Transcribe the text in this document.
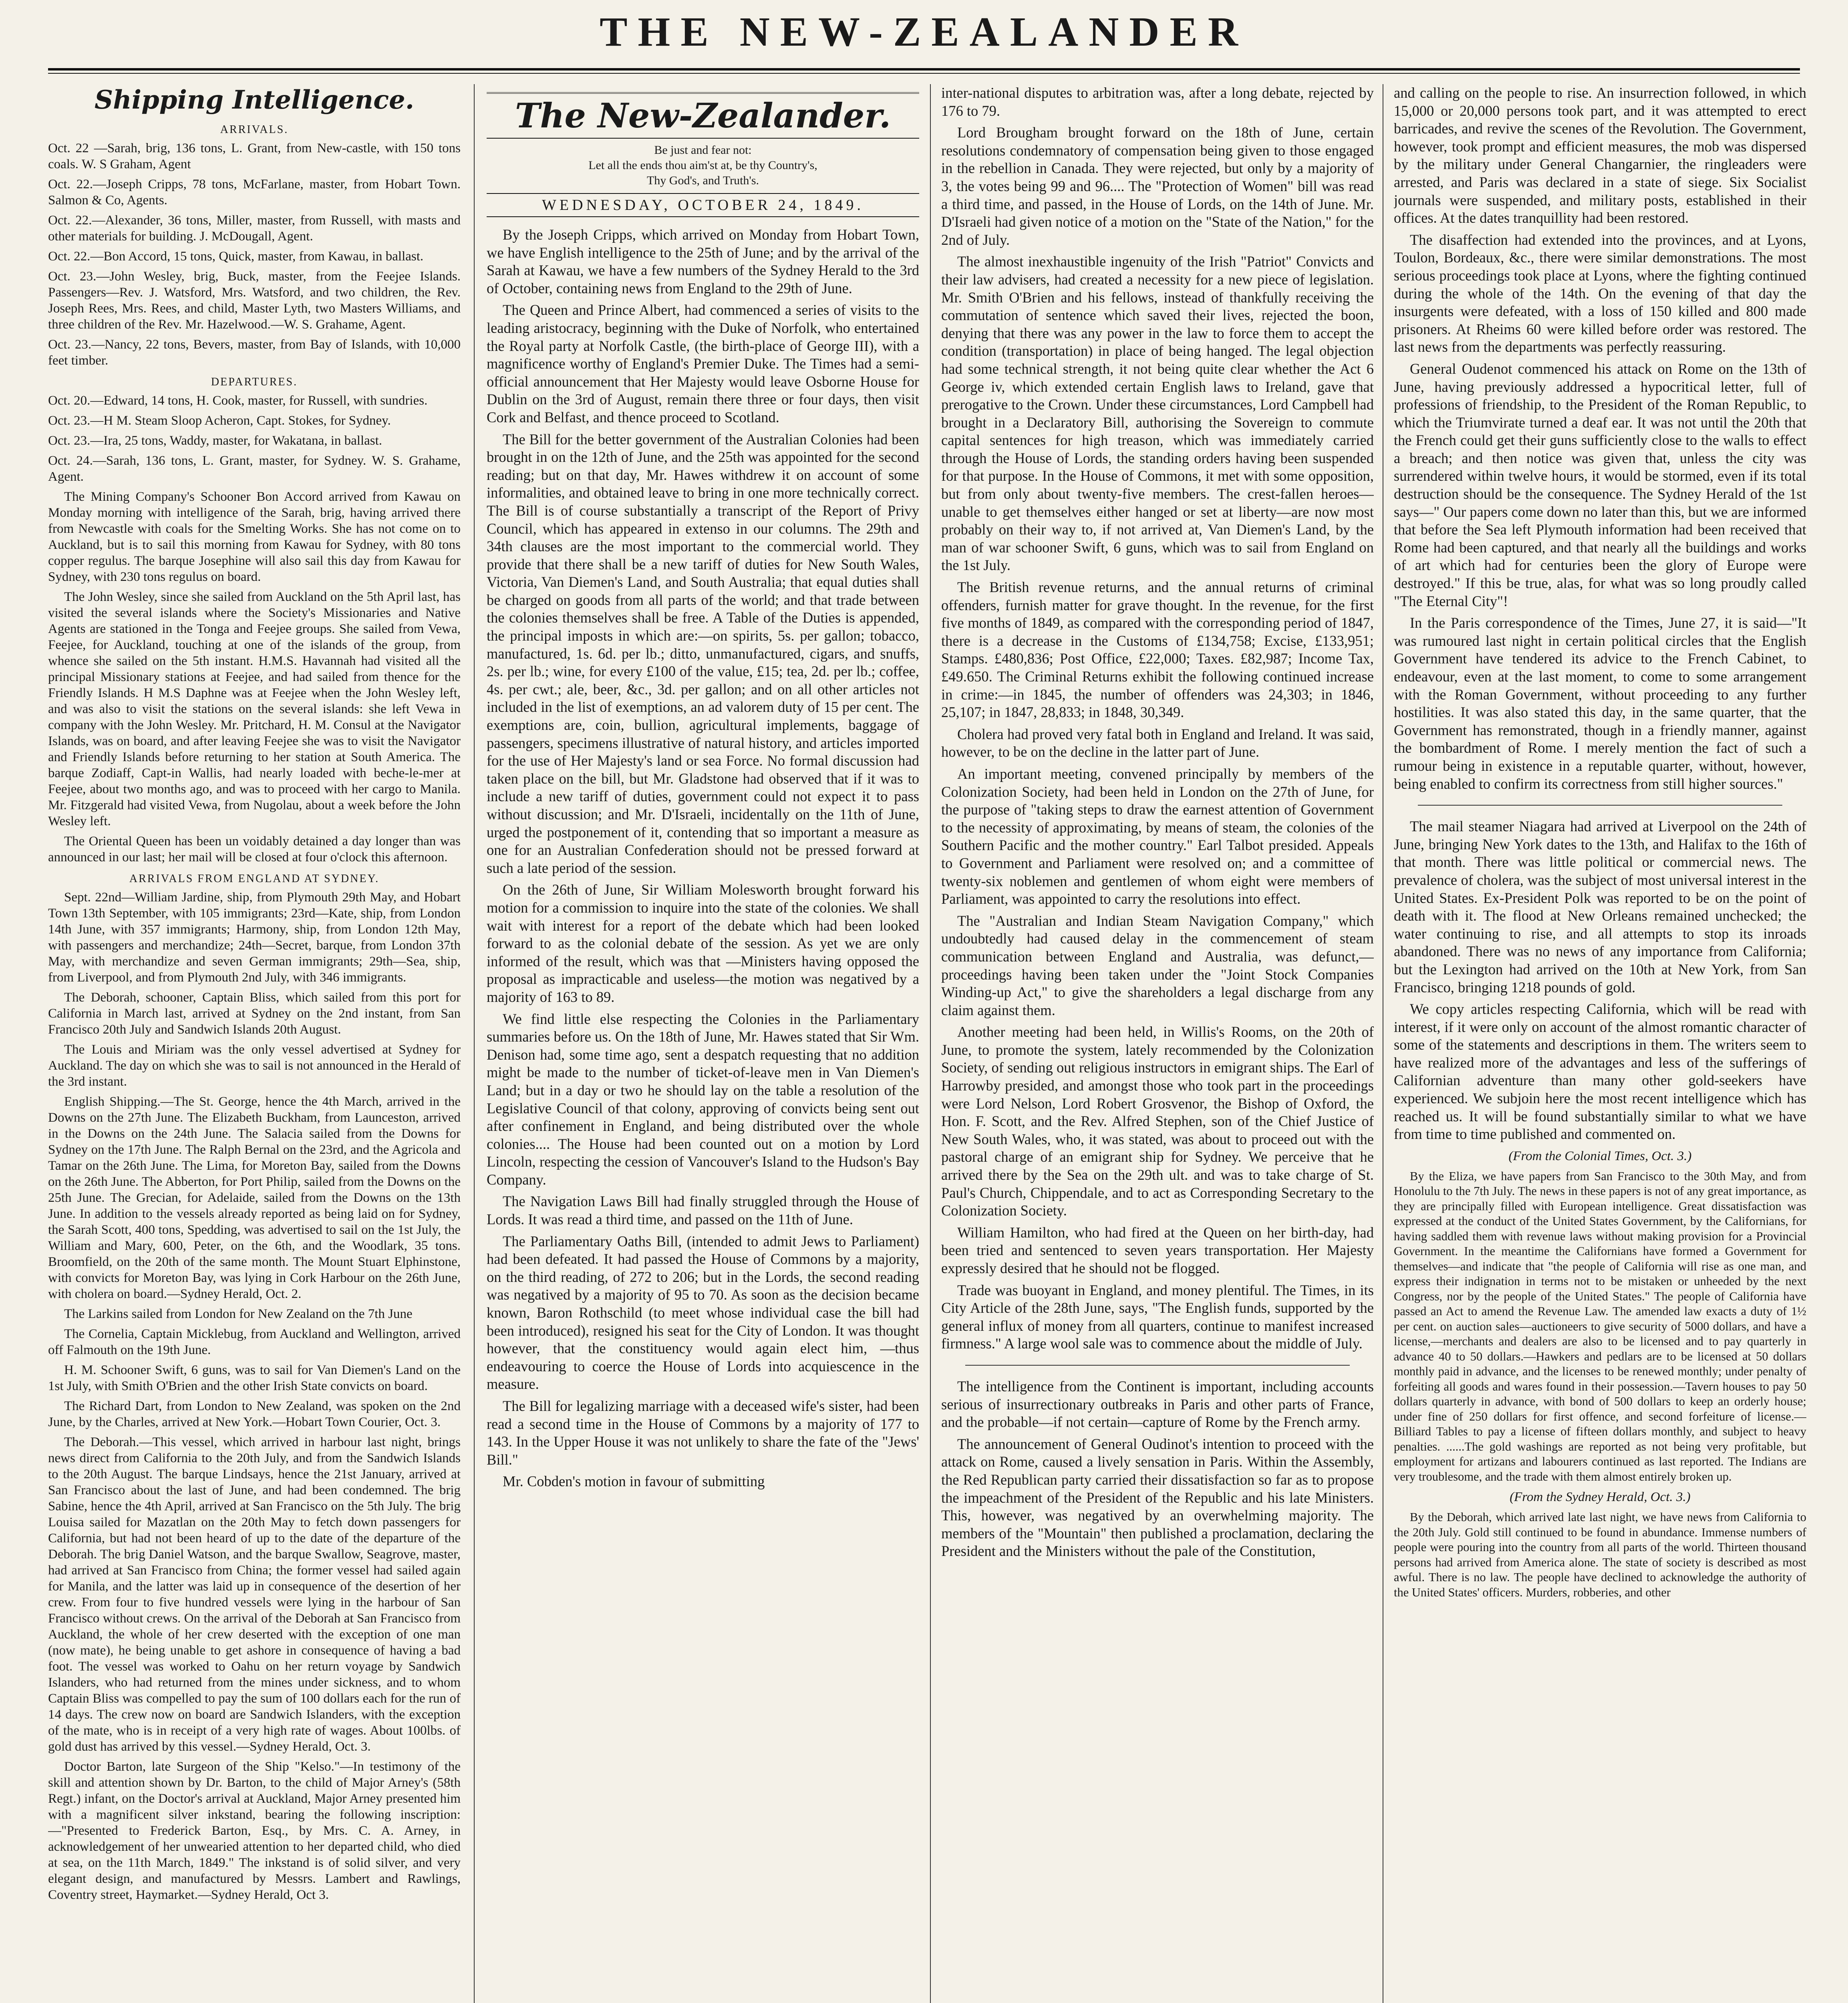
THE NEW-ZEALANDER
Shipping Intelligence.
ARRIVALS.

Oct. 22 —Sarah, brig, 136 tons, L. Grant, from New-castle, with 150 tons coals. W. S Graham, Agent

Oct. 22.—Joseph Cripps, 78 tons, McFarlane, master, from Hobart Town. Salmon & Co, Agents.

Oct. 22.—Alexander, 36 tons, Miller, master, from Russell, with masts and other materials for building. J. McDougall, Agent.

Oct. 22.—Bon Accord, 15 tons, Quick, master, from Kawau, in ballast.

Oct. 23.—John Wesley, brig, Buck, master, from the Feejee Islands. Passengers—Rev. J. Watsford, Mrs. Watsford, and two children, the Rev. Joseph Rees, Mrs. Rees, and child, Master Lyth, two Masters Williams, and three children of the Rev. Mr. Hazelwood.—W. S. Grahame, Agent.

Oct. 23.—Nancy, 22 tons, Bevers, master, from Bay of Islands, with 10,000 feet timber.

DEPARTURES.

Oct. 20.—Edward, 14 tons, H. Cook, master, for Russell, with sundries.

Oct. 23.—H M. Steam Sloop Acheron, Capt. Stokes, for Sydney.

Oct. 23.—Ira, 25 tons, Waddy, master, for Wakatana, in ballast.

Oct. 24.—Sarah, 136 tons, L. Grant, master, for Sydney. W. S. Grahame, Agent.

The Mining Company's Schooner Bon Accord arrived from Kawau on Monday morning with intelligence of the Sarah, brig, having arrived there from Newcastle with coals for the Smelting Works. She has not come on to Auckland, but is to sail this morning from Kawau for Sydney, with 80 tons copper regulus. The barque Josephine will also sail this day from Kawau for Sydney, with 230 tons regulus on board.

The John Wesley, since she sailed from Auckland on the 5th April last, has visited the several islands where the Society's Missionaries and Native Agents are stationed in the Tonga and Feejee groups. She sailed from Vewa, Feejee, for Auckland, touching at one of the islands of the group, from whence she sailed on the 5th instant. H.M.S. Havannah had visited all the principal Missionary stations at Feejee, and had sailed from thence for the Friendly Islands. H M.S Daphne was at Feejee when the John Wesley left, and was also to visit the stations on the several islands: she left Vewa in company with the John Wesley. Mr. Pritchard, H. M. Consul at the Navigator Islands, was on board, and after leaving Feejee she was to visit the Navigator and Friendly Islands before returning to her station at South America. The barque Zodiaff, Capt-in Wallis, had nearly loaded with beche-le-mer at Feejee, about two months ago, and was to proceed with her cargo to Manila. Mr. Fitzgerald had visited Vewa, from Nugolau, about a week before the John Wesley left.

The Oriental Queen has been un voidably detained a day longer than was announced in our last; her mail will be closed at four o'clock this afternoon.

ARRIVALS FROM ENGLAND AT SYDNEY.

Sept. 22nd—William Jardine, ship, from Plymouth 29th May, and Hobart Town 13th September, with 105 immigrants; 23rd—Kate, ship, from London 14th June, with 357 immigrants; Harmony, ship, from London 12th May, with passengers and merchandize; 24th—Secret, barque, from London 37th May, with merchandize and seven German immigrants; 29th—Sea, ship, from Liverpool, and from Plymouth 2nd July, with 346 immigrants.

The Deborah, schooner, Captain Bliss, which sailed from this port for California in March last, arrived at Sydney on the 2nd instant, from San Francisco 20th July and Sandwich Islands 20th August.

The Louis and Miriam was the only vessel advertised at Sydney for Auckland. The day on which she was to sail is not announced in the Herald of the 3rd instant.

English Shipping.—The St. George, hence the 4th March, arrived in the Downs on the 27th June. The Elizabeth Buckham, from Launceston, arrived in the Downs on the 24th June. The Salacia sailed from the Downs for Sydney on the 17th June. The Ralph Bernal on the 23rd, and the Agricola and Tamar on the 26th June. The Lima, for Moreton Bay, sailed from the Downs on the 26th June. The Abberton, for Port Philip, sailed from the Downs on the 25th June. The Grecian, for Adelaide, sailed from the Downs on the 13th June. In addition to the vessels already reported as being laid on for Sydney, the Sarah Scott, 400 tons, Spedding, was advertised to sail on the 1st July, the William and Mary, 600, Peter, on the 6th, and the Woodlark, 35 tons. Broomfield, on the 20th of the same month. The Mount Stuart Elphinstone, with convicts for Moreton Bay, was lying in Cork Harbour on the 26th June, with cholera on board.—Sydney Herald, Oct. 2.

The Larkins sailed from London for New Zealand on the 7th June

The Cornelia, Captain Micklebug, from Auckland and Wellington, arrived off Falmouth on the 19th June.

H. M. Schooner Swift, 6 guns, was to sail for Van Diemen's Land on the 1st July, with Smith O'Brien and the other Irish State convicts on board.

The Richard Dart, from London to New Zealand, was spoken on the 2nd June, by the Charles, arrived at New York.—Hobart Town Courier, Oct. 3.

The Deborah.—This vessel, which arrived in harbour last night, brings news direct from California to the 20th July, and from the Sandwich Islands to the 20th August. The barque Lindsays, hence the 21st January, arrived at San Francisco about the last of June, and had been condemned. The brig Sabine, hence the 4th April, arrived at San Francisco on the 5th July. The brig Louisa sailed for Mazatlan on the 20th May to fetch down passengers for California, but had not been heard of up to the date of the departure of the Deborah. The brig Daniel Watson, and the barque Swallow, Seagrove, master, had arrived at San Francisco from China; the former vessel had sailed again for Manila, and the latter was laid up in consequence of the desertion of her crew. From four to five hundred vessels were lying in the harbour of San Francisco without crews. On the arrival of the Deborah at San Francisco from Auckland, the whole of her crew deserted with the exception of one man (now mate), he being unable to get ashore in consequence of having a bad foot. The vessel was worked to Oahu on her return voyage by Sandwich Islanders, who had returned from the mines under sickness, and to whom Captain Bliss was compelled to pay the sum of 100 dollars each for the run of 14 days. The crew now on board are Sandwich Islanders, with the exception of the mate, who is in receipt of a very high rate of wages. About 100lbs. of gold dust has arrived by this vessel.—Sydney Herald, Oct. 3.

Doctor Barton, late Surgeon of the Ship "Kelso."—In testimony of the skill and attention shown by Dr. Barton, to the child of Major Arney's (58th Regt.) infant, on the Doctor's arrival at Auckland, Major Arney presented him with a magnificent silver inkstand, bearing the following inscription:—"Presented to Frederick Barton, Esq., by Mrs. C. A. Arney, in acknowledgement of her unwearied attention to her departed child, who died at sea, on the 11th March, 1849." The inkstand is of solid silver, and very elegant design, and manufactured by Messrs. Lambert and Rawlings, Coventry street, Haymarket.—Sydney Herald, Oct 3.

The New-Zealander.
Be just and fear not:
Let all the ends thou aim'st at, be thy Country's,
Thy God's, and Truth's.
WEDNESDAY, OCTOBER 24, 1849.

By the Joseph Cripps, which arrived on Monday from Hobart Town, we have English intelligence to the 25th of June; and by the arrival of the Sarah at Kawau, we have a few numbers of the Sydney Herald to the 3rd of October, containing news from England to the 29th of June.

The Queen and Prince Albert, had commenced a series of visits to the leading aristocracy, beginning with the Duke of Norfolk, who entertained the Royal party at Norfolk Castle, (the birth-place of George III), with a magnificence worthy of England's Premier Duke. The Times had a semi-official announcement that Her Majesty would leave Osborne House for Dublin on the 3rd of August, remain there three or four days, then visit Cork and Belfast, and thence proceed to Scotland.

The Bill for the better government of the Australian Colonies had been brought in on the 12th of June, and the 25th was appointed for the second reading; but on that day, Mr. Hawes withdrew it on account of some informalities, and obtained leave to bring in one more technically correct. The Bill is of course substantially a transcript of the Report of Privy Council, which has appeared in extenso in our columns. The 29th and 34th clauses are the most important to the commercial world. They provide that there shall be a new tariff of duties for New South Wales, Victoria, Van Diemen's Land, and South Australia; that equal duties shall be charged on goods from all parts of the world; and that trade between the colonies themselves shall be free. A Table of the Duties is appended, the principal imposts in which are:—on spirits, 5s. per gallon; tobacco, manufactured, 1s. 6d. per lb.; ditto, unmanufactured, cigars, and snuffs, 2s. per lb.; wine, for every £100 of the value, £15; tea, 2d. per lb.; coffee, 4s. per cwt.; ale, beer, &c., 3d. per gallon; and on all other articles not included in the list of exemptions, an ad valorem duty of 15 per cent. The exemptions are, coin, bullion, agricultural implements, baggage of passengers, specimens illustrative of natural history, and articles imported for the use of Her Majesty's land or sea Force. No formal discussion had taken place on the bill, but Mr. Gladstone had observed that if it was to include a new tariff of duties, government could not expect it to pass without discussion; and Mr. D'Israeli, incidentally on the 11th of June, urged the postponement of it, contending that so important a measure as one for an Australian Confederation should not be pressed forward at such a late period of the session.

On the 26th of June, Sir William Molesworth brought forward his motion for a commission to inquire into the state of the colonies. We shall wait with interest for a report of the debate which had been looked forward to as the colonial debate of the session. As yet we are only informed of the result, which was that —Ministers having opposed the proposal as impracticable and useless—the motion was negatived by a majority of 163 to 89.

We find little else respecting the Colonies in the Parliamentary summaries before us. On the 18th of June, Mr. Hawes stated that Sir Wm. Denison had, some time ago, sent a despatch requesting that no addition might be made to the number of ticket-of-leave men in Van Diemen's Land; but in a day or two he should lay on the table a resolution of the Legislative Council of that colony, approving of convicts being sent out after confinement in England, and being distributed over the whole colonies.... The House had been counted out on a motion by Lord Lincoln, respecting the cession of Vancouver's Island to the Hudson's Bay Company.

The Navigation Laws Bill had finally struggled through the House of Lords. It was read a third time, and passed on the 11th of June.

The Parliamentary Oaths Bill, (intended to admit Jews to Parliament) had been defeated. It had passed the House of Commons by a majority, on the third reading, of 272 to 206; but in the Lords, the second reading was negatived by a majority of 95 to 70. As soon as the decision became known, Baron Rothschild (to meet whose individual case the bill had been introduced), resigned his seat for the City of London. It was thought however, that the constituency would again elect him, —thus endeavouring to coerce the House of Lords into acquiescence in the measure.

The Bill for legalizing marriage with a deceased wife's sister, had been read a second time in the House of Commons by a majority of 177 to 143. In the Upper House it was not unlikely to share the fate of the "Jews' Bill."

Mr. Cobden's motion in favour of submitting

inter-national disputes to arbitration was, after a long debate, rejected by 176 to 79.

Lord Brougham brought forward on the 18th of June, certain resolutions condemnatory of compensation being given to those engaged in the rebellion in Canada. They were rejected, but only by a majority of 3, the votes being 99 and 96.... The "Protection of Women" bill was read a third time, and passed, in the House of Lords, on the 14th of June. Mr. D'Israeli had given notice of a motion on the "State of the Nation," for the 2nd of July.

The almost inexhaustible ingenuity of the Irish "Patriot" Convicts and their law advisers, had created a necessity for a new piece of legislation. Mr. Smith O'Brien and his fellows, instead of thankfully receiving the commutation of sentence which saved their lives, rejected the boon, denying that there was any power in the law to force them to accept the condition (transportation) in place of being hanged. The legal objection had some technical strength, it not being quite clear whether the Act 6 George iv, which extended certain English laws to Ireland, gave that prerogative to the Crown. Under these circumstances, Lord Campbell had brought in a Declaratory Bill, authorising the Sovereign to commute capital sentences for high treason, which was immediately carried through the House of Lords, the standing orders having been suspended for that purpose. In the House of Commons, it met with some opposition, but from only about twenty-five members. The crest-fallen heroes—unable to get themselves either hanged or set at liberty—are now most probably on their way to, if not arrived at, Van Diemen's Land, by the man of war schooner Swift, 6 guns, which was to sail from England on the 1st July.

The British revenue returns, and the annual returns of criminal offenders, furnish matter for grave thought. In the revenue, for the first five months of 1849, as compared with the corresponding period of 1847, there is a decrease in the Customs of £134,758; Excise, £133,951; Stamps. £480,836; Post Office, £22,000; Taxes. £82,987; Income Tax, £49.650. The Criminal Returns exhibit the following continued increase in crime:—in 1845, the number of offenders was 24,303; in 1846, 25,107; in 1847, 28,833; in 1848, 30,349.

Cholera had proved very fatal both in England and Ireland. It was said, however, to be on the decline in the latter part of June.

An important meeting, convened principally by members of the Colonization Society, had been held in London on the 27th of June, for the purpose of "taking steps to draw the earnest attention of Government to the necessity of approximating, by means of steam, the colonies of the Southern Pacific and the mother country." Earl Talbot presided. Appeals to Government and Parliament were resolved on; and a committee of twenty-six noblemen and gentlemen of whom eight were members of Parliament, was appointed to carry the resolutions into effect.

The "Australian and Indian Steam Navigation Company," which undoubtedly had caused delay in the commencement of steam communication between England and Australia, was defunct,—proceedings having been taken under the "Joint Stock Companies Winding-up Act," to give the shareholders a legal discharge from any claim against them.

Another meeting had been held, in Willis's Rooms, on the 20th of June, to promote the system, lately recommended by the Colonization Society, of sending out religious instructors in emigrant ships. The Earl of Harrowby presided, and amongst those who took part in the proceedings were Lord Nelson, Lord Robert Grosvenor, the Bishop of Oxford, the Hon. F. Scott, and the Rev. Alfred Stephen, son of the Chief Justice of New South Wales, who, it was stated, was about to proceed out with the pastoral charge of an emigrant ship for Sydney. We perceive that he arrived there by the Sea on the 29th ult. and was to take charge of St. Paul's Church, Chippendale, and to act as Corresponding Secretary to the Colonization Society.

William Hamilton, who had fired at the Queen on her birth-day, had been tried and sentenced to seven years transportation. Her Majesty expressly desired that he should not be flogged.

Trade was buoyant in England, and money plentiful. The Times, in its City Article of the 28th June, says, "The English funds, supported by the general influx of money from all quarters, continue to manifest increased firmness." A large wool sale was to commence about the middle of July.

The intelligence from the Continent is important, including accounts serious of insurrectionary outbreaks in Paris and other parts of France, and the probable—if not certain—capture of Rome by the French army.

The announcement of General Oudinot's intention to proceed with the attack on Rome, caused a lively sensation in Paris. Within the Assembly, the Red Republican party carried their dissatisfaction so far as to propose the impeachment of the President of the Republic and his late Ministers. This, however, was negatived by an overwhelming majority. The members of the "Mountain" then published a proclamation, declaring the President and the Ministers without the pale of the Constitution,

and calling on the people to rise. An insurrection followed, in which 15,000 or 20,000 persons took part, and it was attempted to erect barricades, and revive the scenes of the Revolution. The Government, however, took prompt and efficient measures, the mob was dispersed by the military under General Changarnier, the ringleaders were arrested, and Paris was declared in a state of siege. Six Socialist journals were suspended, and military posts, established in their offices. At the dates tranquillity had been restored.

The disaffection had extended into the provinces, and at Lyons, Toulon, Bordeaux, &c., there were similar demonstrations. The most serious proceedings took place at Lyons, where the fighting continued during the whole of the 14th. On the evening of that day the insurgents were defeated, with a loss of 150 killed and 800 made prisoners. At Rheims 60 were killed before order was restored. The last news from the departments was perfectly reassuring.

General Oudenot commenced his attack on Rome on the 13th of June, having previously addressed a hypocritical letter, full of professions of friendship, to the President of the Roman Republic, to which the Triumvirate turned a deaf ear. It was not until the 20th that the French could get their guns sufficiently close to the walls to effect a breach; and then notice was given that, unless the city was surrendered within twelve hours, it would be stormed, even if its total destruction should be the consequence. The Sydney Herald of the 1st says—" Our papers come down no later than this, but we are informed that before the Sea left Plymouth information had been received that Rome had been captured, and that nearly all the buildings and works of art which had for centuries been the glory of Europe were destroyed." If this be true, alas, for what was so long proudly called "The Eternal City"!

In the Paris correspondence of the Times, June 27, it is said—"It was rumoured last night in certain political circles that the English Government have tendered its advice to the French Cabinet, to endeavour, even at the last moment, to come to some arrangement with the Roman Government, without proceeding to any further hostilities. It was also stated this day, in the same quarter, that the Government has remonstrated, though in a friendly manner, against the bombardment of Rome. I merely mention the fact of such a rumour being in existence in a reputable quarter, without, however, being enabled to confirm its correctness from still higher sources."

The mail steamer Niagara had arrived at Liverpool on the 24th of June, bringing New York dates to the 13th, and Halifax to the 16th of that month. There was little political or commercial news. The prevalence of cholera, was the subject of most universal interest in the United States. Ex-President Polk was reported to be on the point of death with it. The flood at New Orleans remained unchecked; the water continuing to rise, and all attempts to stop its inroads abandoned. There was no news of any importance from California; but the Lexington had arrived on the 10th at New York, from San Francisco, bringing 1218 pounds of gold.

We copy articles respecting California, which will be read with interest, if it were only on account of the almost romantic character of some of the statements and descriptions in them. The writers seem to have realized more of the advantages and less of the sufferings of Californian adventure than many other gold-seekers have experienced. We subjoin here the most recent intelligence which has reached us. It will be found substantially similar to what we have from time to time published and commented on.

(From the Colonial Times, Oct. 3.)

By the Eliza, we have papers from San Francisco to the 30th May, and from Honolulu to the 7th July. The news in these papers is not of any great importance, as they are principally filled with European intelligence. Great dissatisfaction was expressed at the conduct of the United States Government, by the Californians, for having saddled them with revenue laws without making provision for a Provincial Government. In the meantime the Californians have formed a Government for themselves—and indicate that "the people of California will rise as one man, and express their indignation in terms not to be mistaken or unheeded by the next Congress, nor by the people of the United States." The people of California have passed an Act to amend the Revenue Law. The amended law exacts a duty of 1½ per cent. on auction sales—auctioneers to give security of 5000 dollars, and have a license,—merchants and dealers are also to be licensed and to pay quarterly in advance 40 to 50 dollars.—Hawkers and pedlars are to be licensed at 50 dollars monthly paid in advance, and the licenses to be renewed monthly; under penalty of forfeiting all goods and wares found in their possession.—Tavern houses to pay 50 dollars quarterly in advance, with bond of 500 dollars to keep an orderly house; under fine of 250 dollars for first offence, and second forfeiture of license.—Billiard Tables to pay a license of fifteen dollars monthly, and subject to heavy penalties. ......The gold washings are reported as not being very profitable, but employment for artizans and labourers continued as last reported. The Indians are very troublesome, and the trade with them almost entirely broken up.

(From the Sydney Herald, Oct. 3.)

By the Deborah, which arrived late last night, we have news from California to the 20th July. Gold still continued to be found in abundance. Immense numbers of people were pouring into the country from all parts of the world. Thirteen thousand persons had arrived from America alone. The state of society is described as most awful. There is no law. The people have declined to acknowledge the authority of the United States' officers. Murders, robberies, and other
